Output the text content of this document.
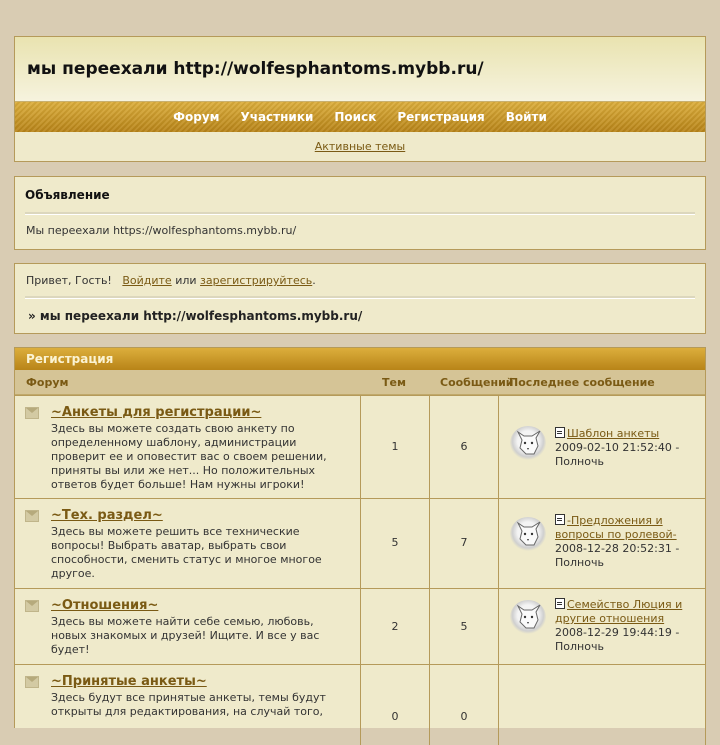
мы переехали http://wolfesphantoms.mybb.ru/
Форум	Участники	Поиск	Регистрация	Войти
Активные темы
Объявление
Мы переехали https://wolfesphantoms.mybb.ru/
Привет, Гость! Войдите или зарегистрируйтесь.
» мы переехали http://wolfesphantoms.mybb.ru/
Регистрация
Форум	Тем	Сообщений
Последнее сообщение
~Анкеты для регистрации~
Здесь вы можете создать свою анкету по определенному шаблону, администрации проверит ее и оповестит вас о своем решении, приняты вы или же нет... Но положительных ответов будет больше! Нам нужны игроки!
1	6
Шаблон анкеты
2009-02-10 21:52:40 - Полночь
~Тех. раздел~
Здесь вы можете решить все технические вопросы! Выбрать аватар, выбрать свои способности, сменить статус и многое многое другое.
5	7
-Предложения и вопросы по ролевой-
2008-12-28 20:52:31 - Полночь
~Отношения~
Здесь вы можете найти себе семью, любовь, новых знакомых и друзей! Ищите. И все у вас будет!
2	5
Семейство Люция и другие отношения
2008-12-29 19:44:19 - Полночь
~Принятые анкеты~
Здесь будут все принятые анкеты, темы будут открыты для редактирования, на случай того,	0	0
